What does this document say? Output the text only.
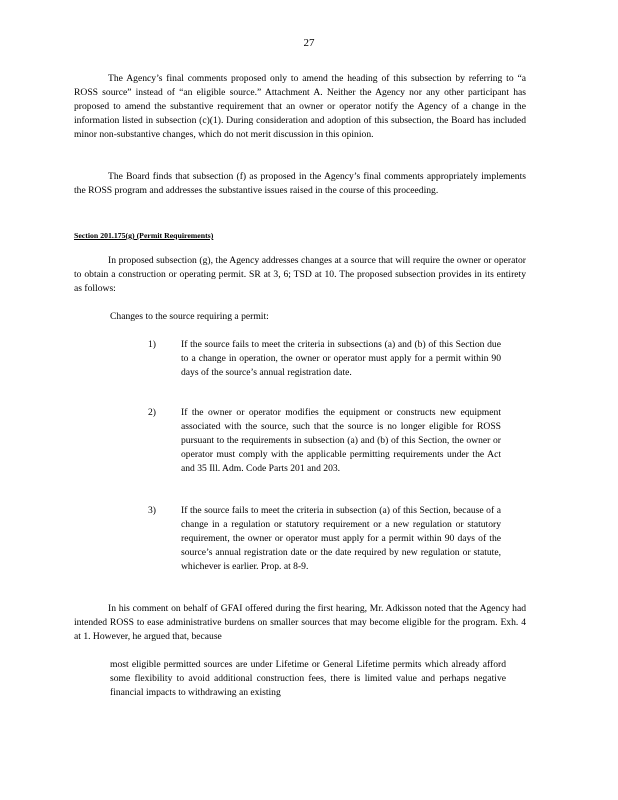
27

The Agency’s final comments proposed only to amend the heading of this subsection by referring to “a ROSS source” instead of “an eligible source.” Attachment A. Neither the Agency nor any other participant has proposed to amend the substantive requirement that an owner or operator notify the Agency of a change in the information listed in subsection (c)(1). During consideration and adoption of this subsection, the Board has included minor non-substantive changes, which do not merit discussion in this opinion.

The Board finds that subsection (f) as proposed in the Agency’s final comments appropriately implements the ROSS program and addresses the substantive issues raised in the course of this proceeding.

Section 201.175(g) (Permit Requirements)

In proposed subsection (g), the Agency addresses changes at a source that will require the owner or operator to obtain a construction or operating permit. SR at 3, 6; TSD at 10. The proposed subsection provides in its entirety as follows:

Changes to the source requiring a permit:

1)	If the source fails to meet the criteria in subsections (a) and (b) of this Section due to a change in operation, the owner or operator must apply for a permit within 90 days of the source’s annual registration date.
2)	If the owner or operator modifies the equipment or constructs new equipment associated with the source, such that the source is no longer eligible for ROSS pursuant to the requirements in subsection (a) and (b) of this Section, the owner or operator must comply with the applicable permitting requirements under the Act and 35 Ill. Adm. Code Parts 201 and 203.
3)	If the source fails to meet the criteria in subsection (a) of this Section, because of a change in a regulation or statutory requirement or a new regulation or statutory requirement, the owner or operator must apply for a permit within 90 days of the source’s annual registration date or the date required by new regulation or statute, whichever is earlier. Prop. at 8-9.

In his comment on behalf of GFAI offered during the first hearing, Mr. Adkisson noted that the Agency had intended ROSS to ease administrative burdens on smaller sources that may become eligible for the program. Exh. 4 at 1. However, he argued that, because

most eligible permitted sources are under Lifetime or General Lifetime permits which already afford some flexibility to avoid additional construction fees, there is limited value and perhaps negative financial impacts to withdrawing an existing
